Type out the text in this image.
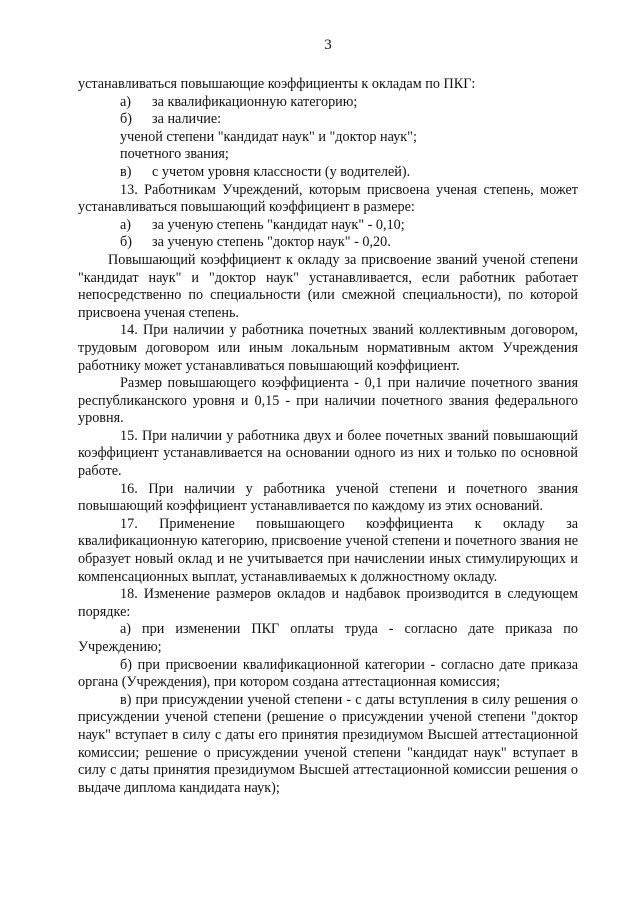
3

устанавливаться повышающие коэффициенты к окладам по ПКГ:

а)	за квалификационную категорию;
б)	за наличие:

ученой степени "кандидат наук" и "доктор наук";

почетного звания;

в)	с учетом уровня классности (у водителей).

13. Работникам Учреждений, которым присвоена ученая степень, может устанавливаться повышающий коэффициент в размере:

а)	за ученую степень "кандидат наук" - 0,10;
б)	за ученую степень "доктор наук" - 0,20.

Повышающий коэффициент к окладу за присвоение званий ученой степени "кандидат наук" и "доктор наук" устанавливается, если работник работает непосредственно по специальности (или смежной специальности), по которой присвоена ученая степень.

14. При наличии у работника почетных званий коллективным договором, трудовым договором или иным локальным нормативным актом Учреждения работнику может устанавливаться повышающий коэффициент.

Размер повышающего коэффициента - 0,1 при наличие почетного звания республиканского уровня и 0,15 - при наличии почетного звания федерального уровня.

15. При наличии у работника двух и более почетных званий повышающий коэффициент устанавливается на основании одного из них и только по основной работе.

16. При наличии у работника ученой степени и почетного звания повышающий коэффициент устанавливается по каждому из этих оснований.

17. Применение повышающего коэффициента к окладу за квалификационную категорию, присвоение ученой степени и почетного звания не образует новый оклад и не учитывается при начислении иных стимулирующих и компенсационных выплат, устанавливаемых к должностному окладу.

18. Изменение размеров окладов и надбавок производится в следующем порядке:

а) при изменении ПКГ оплаты труда - согласно дате приказа по Учреждению;

б) при присвоении квалификационной категории - согласно дате приказа органа (Учреждения), при котором создана аттестационная комиссия;

в) при присуждении ученой степени - с даты вступления в силу решения о присуждении ученой степени (решение о присуждении ученой степени "доктор наук" вступает в силу с даты его принятия президиумом Высшей аттестационной комиссии; решение о присуждении ученой степени "кандидат наук" вступает в силу с даты принятия президиумом Высшей аттестационной комиссии решения о выдаче диплома кандидата наук);
